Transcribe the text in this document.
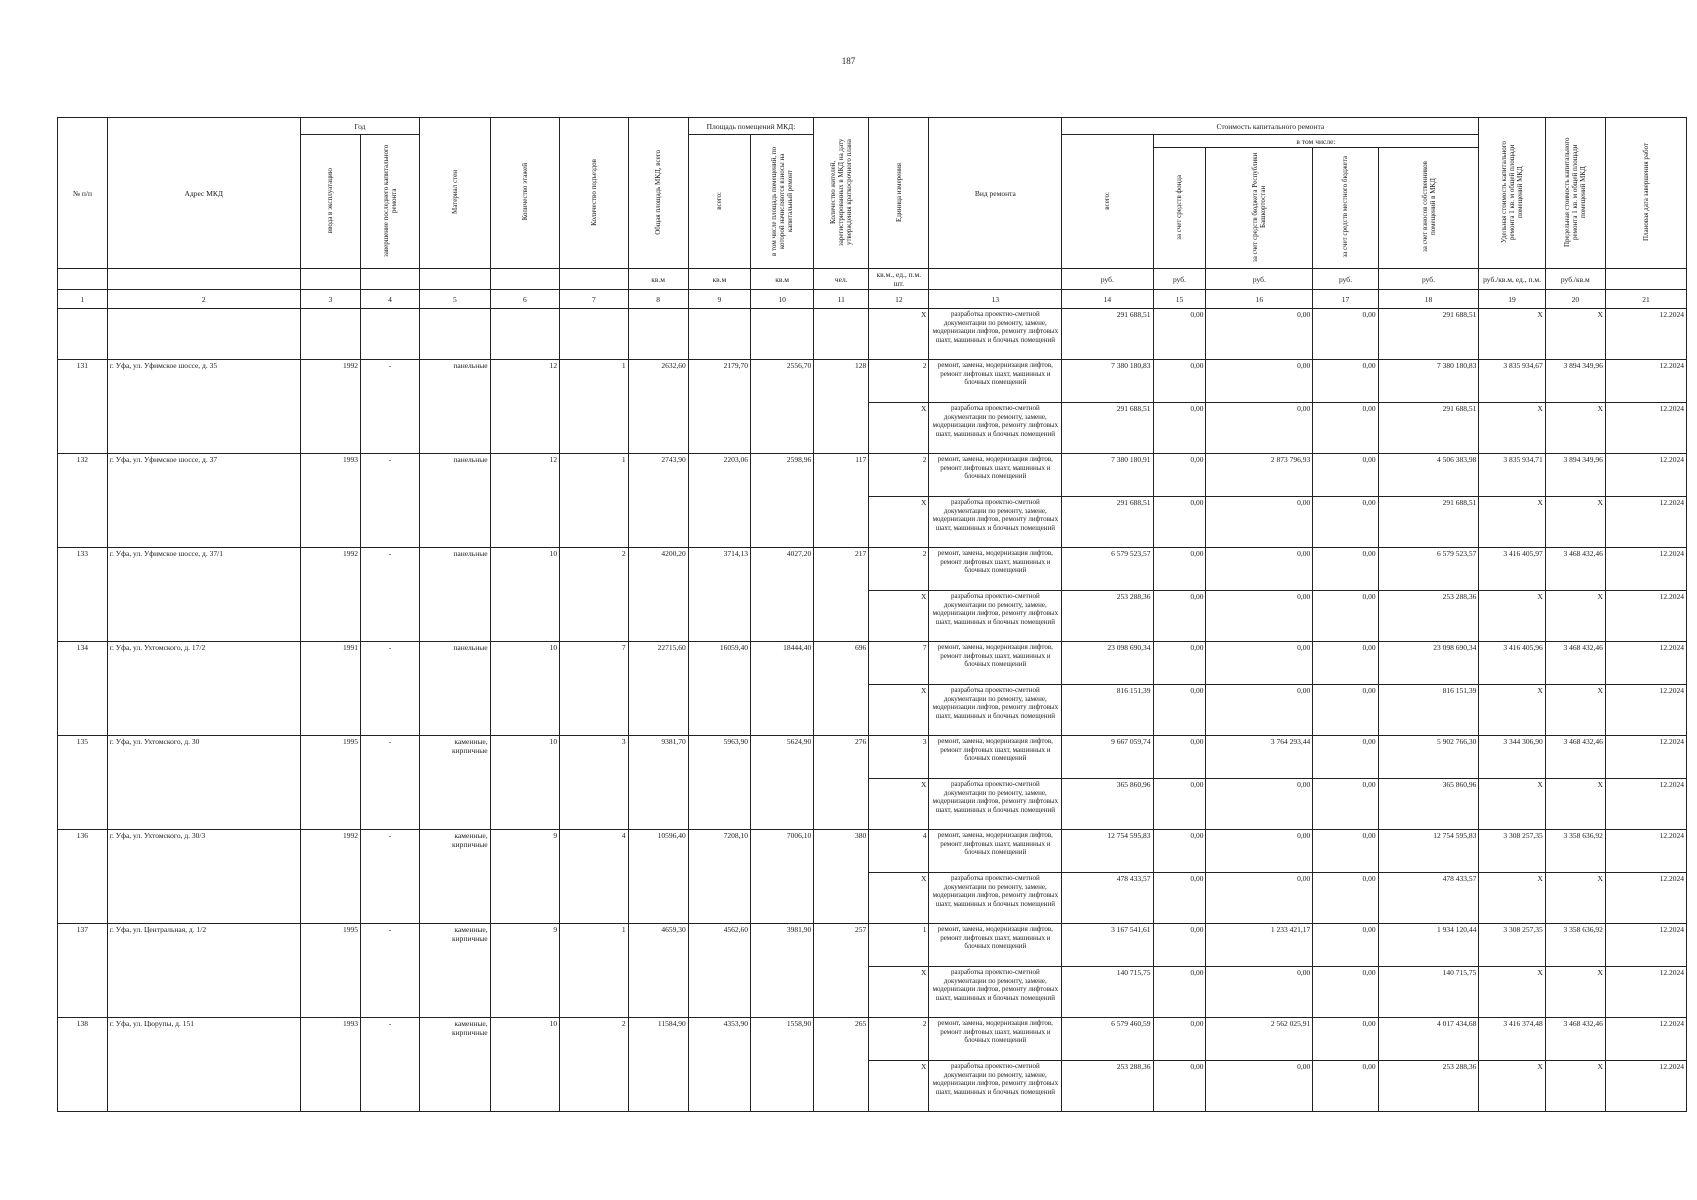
187
№ п/п	Адрес МКД	Год		Материал стен	Количество этажей	Количество подъездов	Общая площадь МКД, всего	Площадь помещений МКД:		Количество жителей, зарегистрированных в МКД на дату утверждения краткосрочного плана	Единица измерения	Вид ремонта	Стоимость капитального ремонта					Удельная стоимость капитального ремонта 1 кв. м общей площади помещений МКД	Предельная стоимость капитального ремонта 1 кв. м общей площади помещений МКД	Плановая дата завершения работ
		ввода в эксплуатацию	завершение последнего капитального ремонта					всего:	в том числе площадь помещений, по которой начисляются взносы на капитальный ремонт				всего:	в том числе:						
														за счет средств фонда	за счет средств бюджета Республики Башкортостан	за счет средств местного бюджета	за счет взносов собственников помещений в МКД			
							кв.м	кв.м	кв.м	чел.	кв.м., ед., п.м. шт.		руб.	руб.	руб.	руб.	руб.	руб./кв.м, ед., п.м.	руб./кв.м	
1	2	3	4	5	6	7	8	9	10	11	12	13	14	15	16	17	18	19	20	21
											Х	разработка проектно-сметной документации по ремонту, замене, модернизации лифтов, ремонту лифтовых шахт, машинных и блочных помещений	291 688,51	0,00	0,00	0,00	291 688,51	Х	Х	12.2024
131	г. Уфа, ул. Уфимское шоссе, д. 35	1992	-	панельные	12	1	2632,60	2179,70	2556,70	128	2	ремонт, замена, модернизация лифтов, ремонт лифтовых шахт, машинных и блочных помещений	7 380 180,83	0,00	0,00	0,00	7 380 180,83	3 835 934,67	3 894 349,96	12.2024
											Х	разработка проектно-сметной документации по ремонту, замене, модернизации лифтов, ремонту лифтовых шахт, машинных и блочных помещений	291 688,51	0,00	0,00	0,00	291 688,51	Х	Х	12.2024
132	г. Уфа, ул. Уфимское шоссе, д. 37	1993	-	панельные	12	1	2743,90	2203,06	2598,96	117	2	ремонт, замена, модернизация лифтов, ремонт лифтовых шахт, машинных и блочных помещений	7 380 180,91	0,00	2 873 796,93	0,00	4 506 383,98	3 835 934,71	3 894 349,96	12.2024
											Х	разработка проектно-сметной документации по ремонту, замене, модернизации лифтов, ремонту лифтовых шахт, машинных и блочных помещений	291 688,51	0,00	0,00	0,00	291 688,51	Х	Х	12.2024
133	г. Уфа, ул. Уфимское шоссе, д. 37/1	1992	-	панельные	10	2	4200,20	3714,13	4027,20	217	2	ремонт, замена, модернизация лифтов, ремонт лифтовых шахт, машинных и блочных помещений	6 579 523,57	0,00	0,00	0,00	6 579 523,57	3 416 405,97	3 468 432,46	12.2024
											Х	разработка проектно-сметной документации по ремонту, замене, модернизации лифтов, ремонту лифтовых шахт, машинных и блочных помещений	253 288,36	0,00	0,00	0,00	253 288,36	Х	Х	12.2024
134	г. Уфа, ул. Ухтомского, д. 17/2	1991	-	панельные	10	7	22715,60	16059,40	18444,40	696	7	ремонт, замена, модернизация лифтов, ремонт лифтовых шахт, машинных и блочных помещений	23 098 690,34	0,00	0,00	0,00	23 098 690,34	3 416 405,96	3 468 432,46	12.2024
											Х	разработка проектно-сметной документации по ремонту, замене, модернизации лифтов, ремонту лифтовых шахт, машинных и блочных помещений	816 151,39	0,00	0,00	0,00	816 151,39	Х	Х	12.2024
135	г. Уфа, ул. Ухтомского, д. 30	1995	-	каменные, кирпичные	10	3	9381,70	5963,90	5624,90	276	3	ремонт, замена, модернизация лифтов, ремонт лифтовых шахт, машинных и блочных помещений	9 667 059,74	0,00	3 764 293,44	0,00	5 902 766,30	3 344 306,90	3 468 432,46	12.2024
											Х	разработка проектно-сметной документации по ремонту, замене, модернизации лифтов, ремонту лифтовых шахт, машинных и блочных помещений	365 860,96	0,00	0,00	0,00	365 860,96	Х	Х	12.2024
136	г. Уфа, ул. Ухтомского, д. 30/3	1992	-	каменные, кирпичные	9	4	10596,40	7208,10	7006,10	380	4	ремонт, замена, модернизация лифтов, ремонт лифтовых шахт, машинных и блочных помещений	12 754 595,83	0,00	0,00	0,00	12 754 595,83	3 308 257,35	3 358 636,92	12.2024
											Х	разработка проектно-сметной документации по ремонту, замене, модернизации лифтов, ремонту лифтовых шахт, машинных и блочных помещений	478 433,57	0,00	0,00	0,00	478 433,57	Х	Х	12.2024
137	г. Уфа, ул. Центральная, д. 1/2	1995	-	каменные, кирпичные	9	1	4659,30	4562,60	3981,90	257	1	ремонт, замена, модернизация лифтов, ремонт лифтовых шахт, машинных и блочных помещений	3 167 541,61	0,00	1 233 421,17	0,00	1 934 120,44	3 308 257,35	3 358 636,92	12.2024
											Х	разработка проектно-сметной документации по ремонту, замене, модернизации лифтов, ремонту лифтовых шахт, машинных и блочных помещений	140 715,75	0,00	0,00	0,00	140 715,75	Х	Х	12.2024
138	г. Уфа, ул. Цюрупы, д. 151	1993	-	каменные, кирпичные	10	2	11584,90	4353,90	1558,90	265	2	ремонт, замена, модернизация лифтов, ремонт лифтовых шахт, машинных и блочных помещений	6 579 460,59	0,00	2 562 025,91	0,00	4 017 434,68	3 416 374,48	3 468 432,46	12.2024
											Х	разработка проектно-сметной документации по ремонту, замене, модернизации лифтов, ремонту лифтовых шахт, машинных и блочных помещений	253 288,36	0,00	0,00	0,00	253 288,36	Х	Х	12.2024
